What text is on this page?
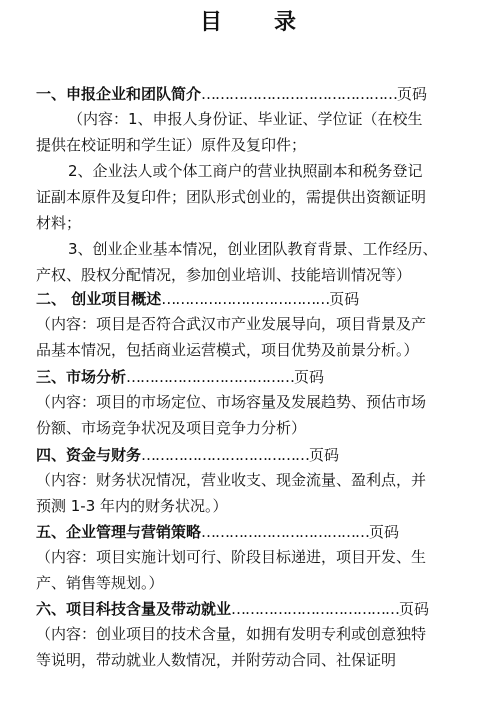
目 录
一、申报企业和团队简介……………………………………页码

（内容：1、申报人身份证、毕业证、学位证（在校生

提供在校证明和学生证）原件及复印件；

2、企业法人或个体工商户的营业执照副本和税务登记

证副本原件及复印件；团队形式创业的，需提供出资额证明

材料；

3、创业企业基本情况，创业团队教育背景、工作经历、

产权、股权分配情况，参加创业培训、技能培训情况等）

二、 创业项目概述………………………………页码

（内容：项目是否符合武汉市产业发展导向，项目背景及产

品基本情况，包括商业运营模式，项目优势及前景分析。）

三、市场分析………………………………页码

（内容：项目的市场定位、市场容量及发展趋势、预估市场

份额、市场竞争状况及项目竞争力分析）

四、资金与财务………………………………页码

（内容：财务状况情况，营业收支、现金流量、盈利点，并

预测 1-3 年内的财务状况。）

五、企业管理与营销策略………………………………页码

（内容：项目实施计划可行、阶段目标递进，项目开发、生

产、销售等规划。）

六、项目科技含量及带动就业………………………………页码

（内容：创业项目的技术含量，如拥有发明专利或创意独特

等说明，带动就业人数情况，并附劳动合同、社保证明
